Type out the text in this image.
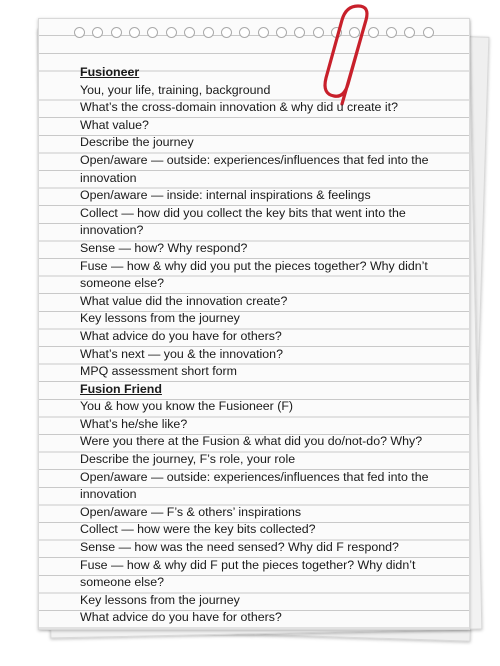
Fusioneer
You, your life, training, background
What’s the cross-domain innovation & why did u create it?
What value?
Describe the journey
Open/aware — outside: experiences/influences that fed into the innovation
Open/aware — inside: internal inspirations & feelings
Collect — how did you collect the key bits that went into the innovation?
Sense — how? Why respond?
Fuse — how & why did you put the pieces together? Why didn’t someone else?
What value did the innovation create?
Key lessons from the journey
What advice do you have for others?
What’s next — you & the innovation?
MPQ assessment short form
Fusion Friend
You & how you know the Fusioneer (F)
What’s he/she like?
Were you there at the Fusion & what did you do/not-do? Why?
Describe the journey, F’s role, your role
Open/aware — outside: experiences/influences that fed into the innovation
Open/aware — F’s & others’ inspirations
Collect — how were the key bits collected?
Sense — how was the need sensed? Why did F respond?
Fuse — how & why did F put the pieces together? Why didn’t someone else?
Key lessons from the journey
What advice do you have for others?
